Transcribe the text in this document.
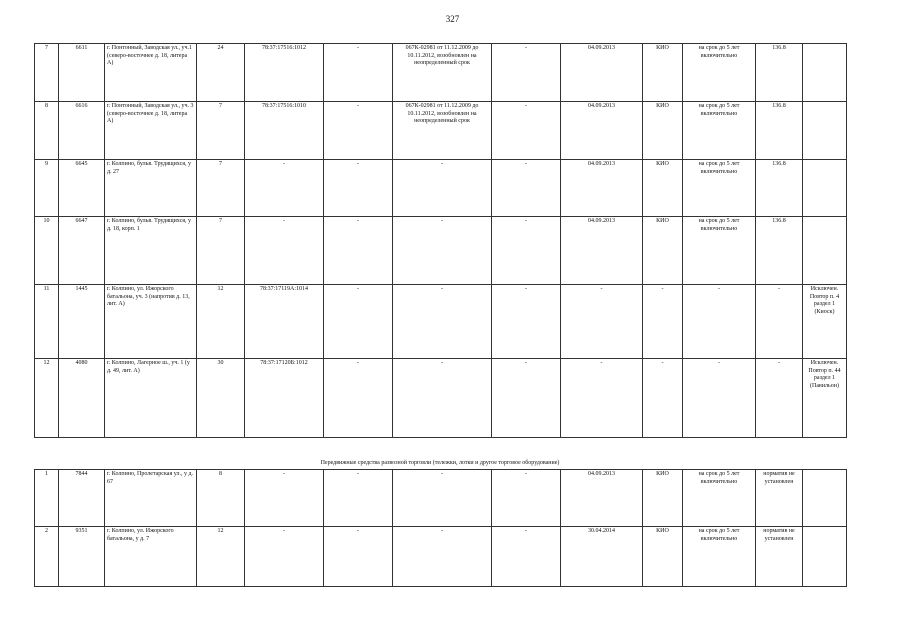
327
7	6611	г. Понтонный, Заводская ул., уч.1 (северо-восточнее д. 18, литера А)	24	78:37:17516:1012	-	067К-02981 от 11.12.2009 до 10.11.2012, возобновлен на неопределенный срок	-	04.09.2013	КИО	на срок до 5 лет включительно	136.8	
8	6616	г. Понтонный, Заводская ул., уч. 3 (северо-восточнее д. 18, литера А)	7	78:37:17516:1010	-	067К-02981 от 11.12.2009 до 10.11.2012, возобновлен на неопределенный срок	-	04.09.2013	КИО	на срок до 5 лет включительно	136.8	
9	6645	г. Колпино, бульв. Трудящихся, у д. 27	7	-	-	-	-	04.09.2013	КИО	на срок до 5 лет включительно	136.8	
10	6647	г. Колпино, бульв. Трудящихся, у д. 18, корп. 1	7	-	-	-	-	04.09.2013	КИО	на срок до 5 лет включительно	136.8	
11	1445	г. Колпино, ул. Ижорского батальона, уч. 3 (напротив д. 13, лит. А)	12	78:37:17119А:1014	-	-	-	-	-	-	-	Исключен. Повтор п. 4 раздел 1 (Киоск)
12	4080	г. Колпино, Лагерное ш., уч. 1 (у д. 49, лит. А)	30	78:37:17120Б:1012	-	-	-	-	-	-	-	Исключен. Повтор п. 44 раздел 1 (Павильон)
Передвижные средства развозной торговли (тележки, лотки и другое торговое оборудование)
1	7844	г. Колпино, Пролетарская ул., у д. 67	8	-	-	-	-	04.09.2013	КИО	на срок до 5 лет включительно	норматив не установлен	
2	9351	г. Колпино, ул. Ижорского батальона, у д. 7	12	-	-	-	-	30.04.2014	КИО	на срок до 5 лет включительно	норматив не установлен	
